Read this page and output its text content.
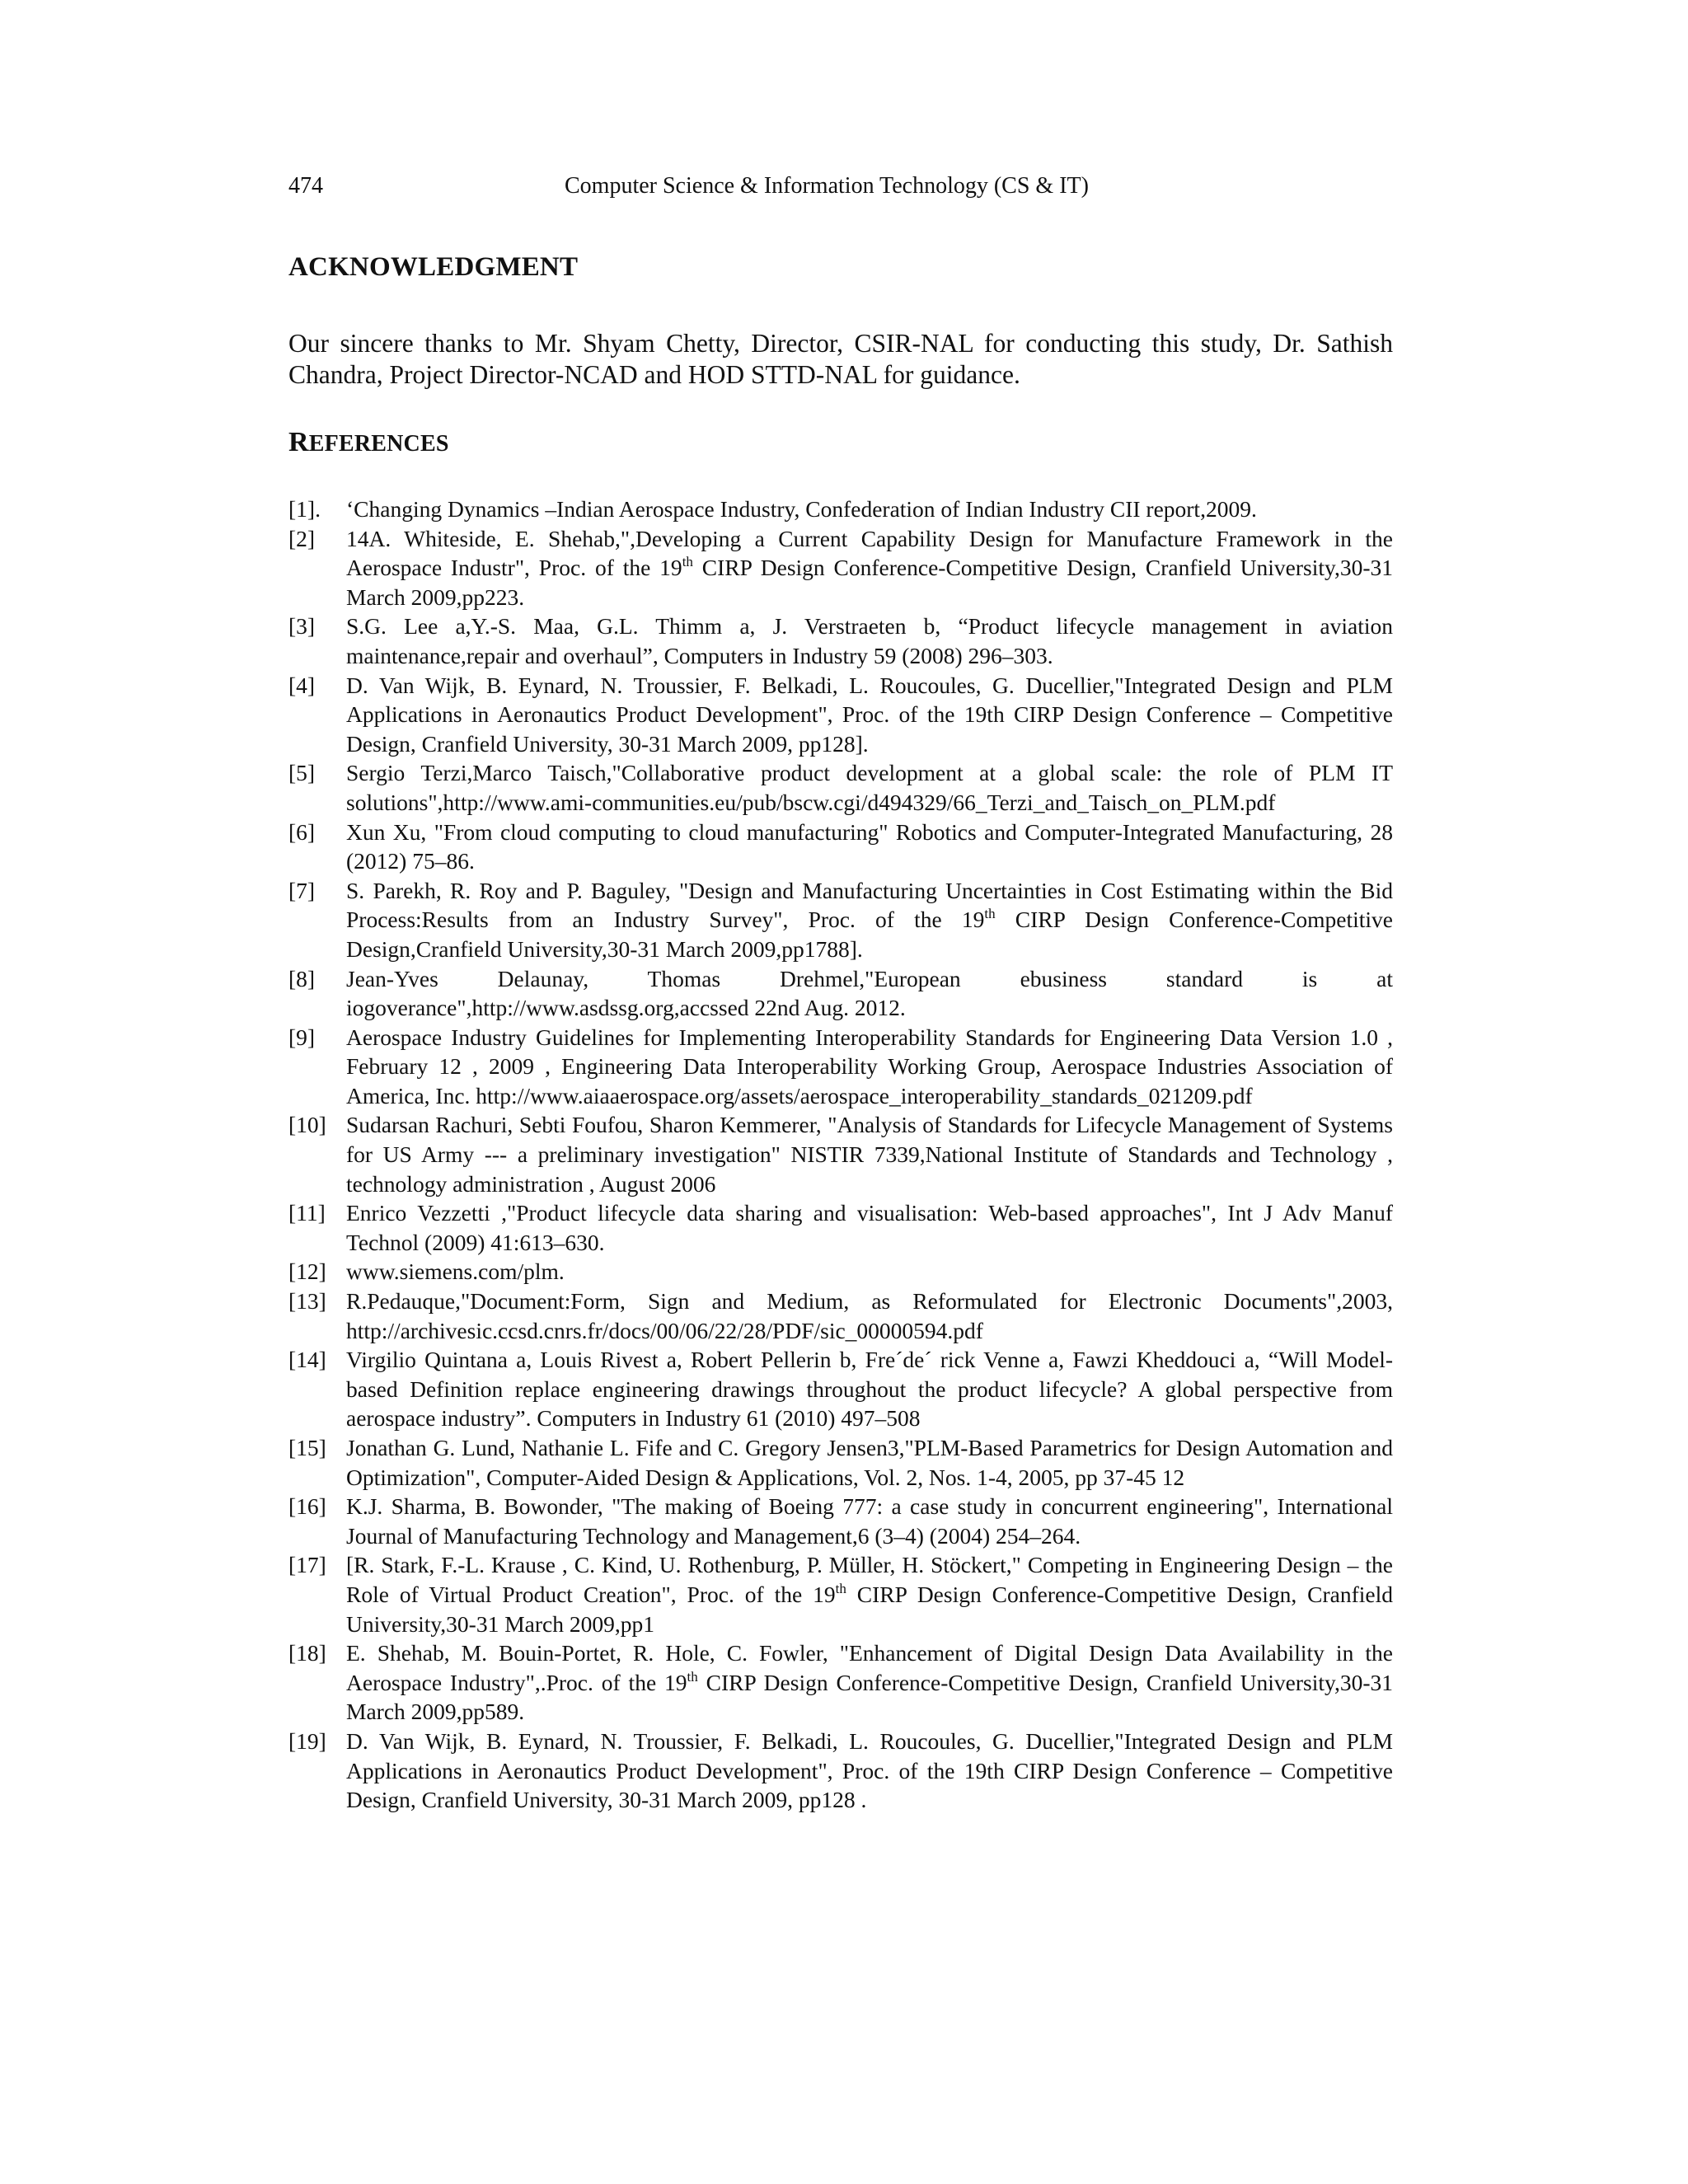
474	Computer Science & Information Technology (CS & IT)
ACKNOWLEDGMENT
Our sincere thanks to Mr. Shyam Chetty, Director, CSIR-NAL for conducting this study, Dr. Sathish Chandra, Project Director-NCAD and HOD STTD-NAL for guidance.
REFERENCES
[1].	‘Changing Dynamics –Indian Aerospace Industry, Confederation of Indian Industry CII report,2009.
[2]	14A. Whiteside, E. Shehab,",Developing a Current Capability Design for Manufacture Framework in the Aerospace Industr", Proc. of the 19th CIRP Design Conference-Competitive Design, Cranfield University,30-31 March 2009,pp223.
[3]	S.G. Lee a,Y.-S. Maa, G.L. Thimm a, J. Verstraeten b, “Product lifecycle management in aviation maintenance,repair and overhaul”, Computers in Industry 59 (2008) 296–303.
[4]	D. Van Wijk, B. Eynard, N. Troussier, F. Belkadi, L. Roucoules, G. Ducellier,"Integrated Design and PLM Applications in Aeronautics Product Development", Proc. of the 19th CIRP Design Conference – Competitive Design, Cranfield University, 30-31 March 2009, pp128].
[5]	Sergio Terzi,Marco Taisch,"Collaborative product development at a global scale: the role of PLM IT solutions",http://www.ami-communities.eu/pub/bscw.cgi/d494329/66_Terzi_and_Taisch_on_PLM.pdf
[6]	Xun Xu, "From cloud computing to cloud manufacturing" Robotics and Computer-Integrated Manufacturing, 28 (2012) 75–86.
[7]	S. Parekh, R. Roy and P. Baguley, "Design and Manufacturing Uncertainties in Cost Estimating within the Bid Process:Results from an Industry Survey", Proc. of the 19th CIRP Design Conference-Competitive Design,Cranfield University,30-31 March 2009,pp1788].
[8]	Jean-Yves Delaunay, Thomas Drehmel,"European ebusiness standard is at iogoverance",http://www.asdssg.org,accssed 22nd Aug. 2012.
[9]	Aerospace Industry Guidelines for Implementing Interoperability Standards for Engineering Data Version 1.0 , February 12 , 2009 , Engineering Data Interoperability Working Group, Aerospace Industries Association of America, Inc. http://www.aiaaerospace.org/assets/aerospace_interoperability_standards_021209.pdf
[10] Sudarsan Rachuri, Sebti Foufou, Sharon Kemmerer, "Analysis of Standards for Lifecycle Management of Systems for US Army --- a preliminary investigation" NISTIR 7339,National Institute of Standards and Technology , technology administration , August 2006
[11] Enrico Vezzetti ,"Product lifecycle data sharing and visualisation: Web-based approaches", Int J Adv Manuf Technol (2009) 41:613–630.
[12] www.siemens.com/plm.
[13] R.Pedauque,"Document:Form, Sign and Medium, as Reformulated for Electronic Documents",2003, http://archivesic.ccsd.cnrs.fr/docs/00/06/22/28/PDF/sic_00000594.pdf
[14] Virgilio Quintana a, Louis Rivest a, Robert Pellerin b, Fre´de´ rick Venne a, Fawzi Kheddouci a, “Will Model-based Definition replace engineering drawings throughout the product lifecycle? A global perspective from aerospace industry”. Computers in Industry 61 (2010) 497–508
[15] Jonathan G. Lund, Nathanie L. Fife and C. Gregory Jensen3,"PLM-Based Parametrics for Design Automation and Optimization", Computer-Aided Design & Applications, Vol. 2, Nos. 1-4, 2005, pp 37-45 12
[16] K.J. Sharma, B. Bowonder, "The making of Boeing 777: a case study in concurrent engineering", International Journal of Manufacturing Technology and Management,6 (3–4) (2004) 254–264.
[17] [R. Stark, F.-L. Krause , C. Kind, U. Rothenburg, P. Müller, H. Stöckert," Competing in Engineering Design – the Role of Virtual Product Creation", Proc. of the 19th CIRP Design Conference-Competitive Design, Cranfield University,30-31 March 2009,pp1
[18] E. Shehab, M. Bouin-Portet, R. Hole, C. Fowler, "Enhancement of Digital Design Data Availability in the Aerospace Industry",.Proc. of the 19th CIRP Design Conference-Competitive Design, Cranfield University,30-31 March 2009,pp589.
[19] D. Van Wijk, B. Eynard, N. Troussier, F. Belkadi, L. Roucoules, G. Ducellier,"Integrated Design and PLM Applications in Aeronautics Product Development", Proc. of the 19th CIRP Design Conference – Competitive Design, Cranfield University, 30-31 March 2009, pp128 .
